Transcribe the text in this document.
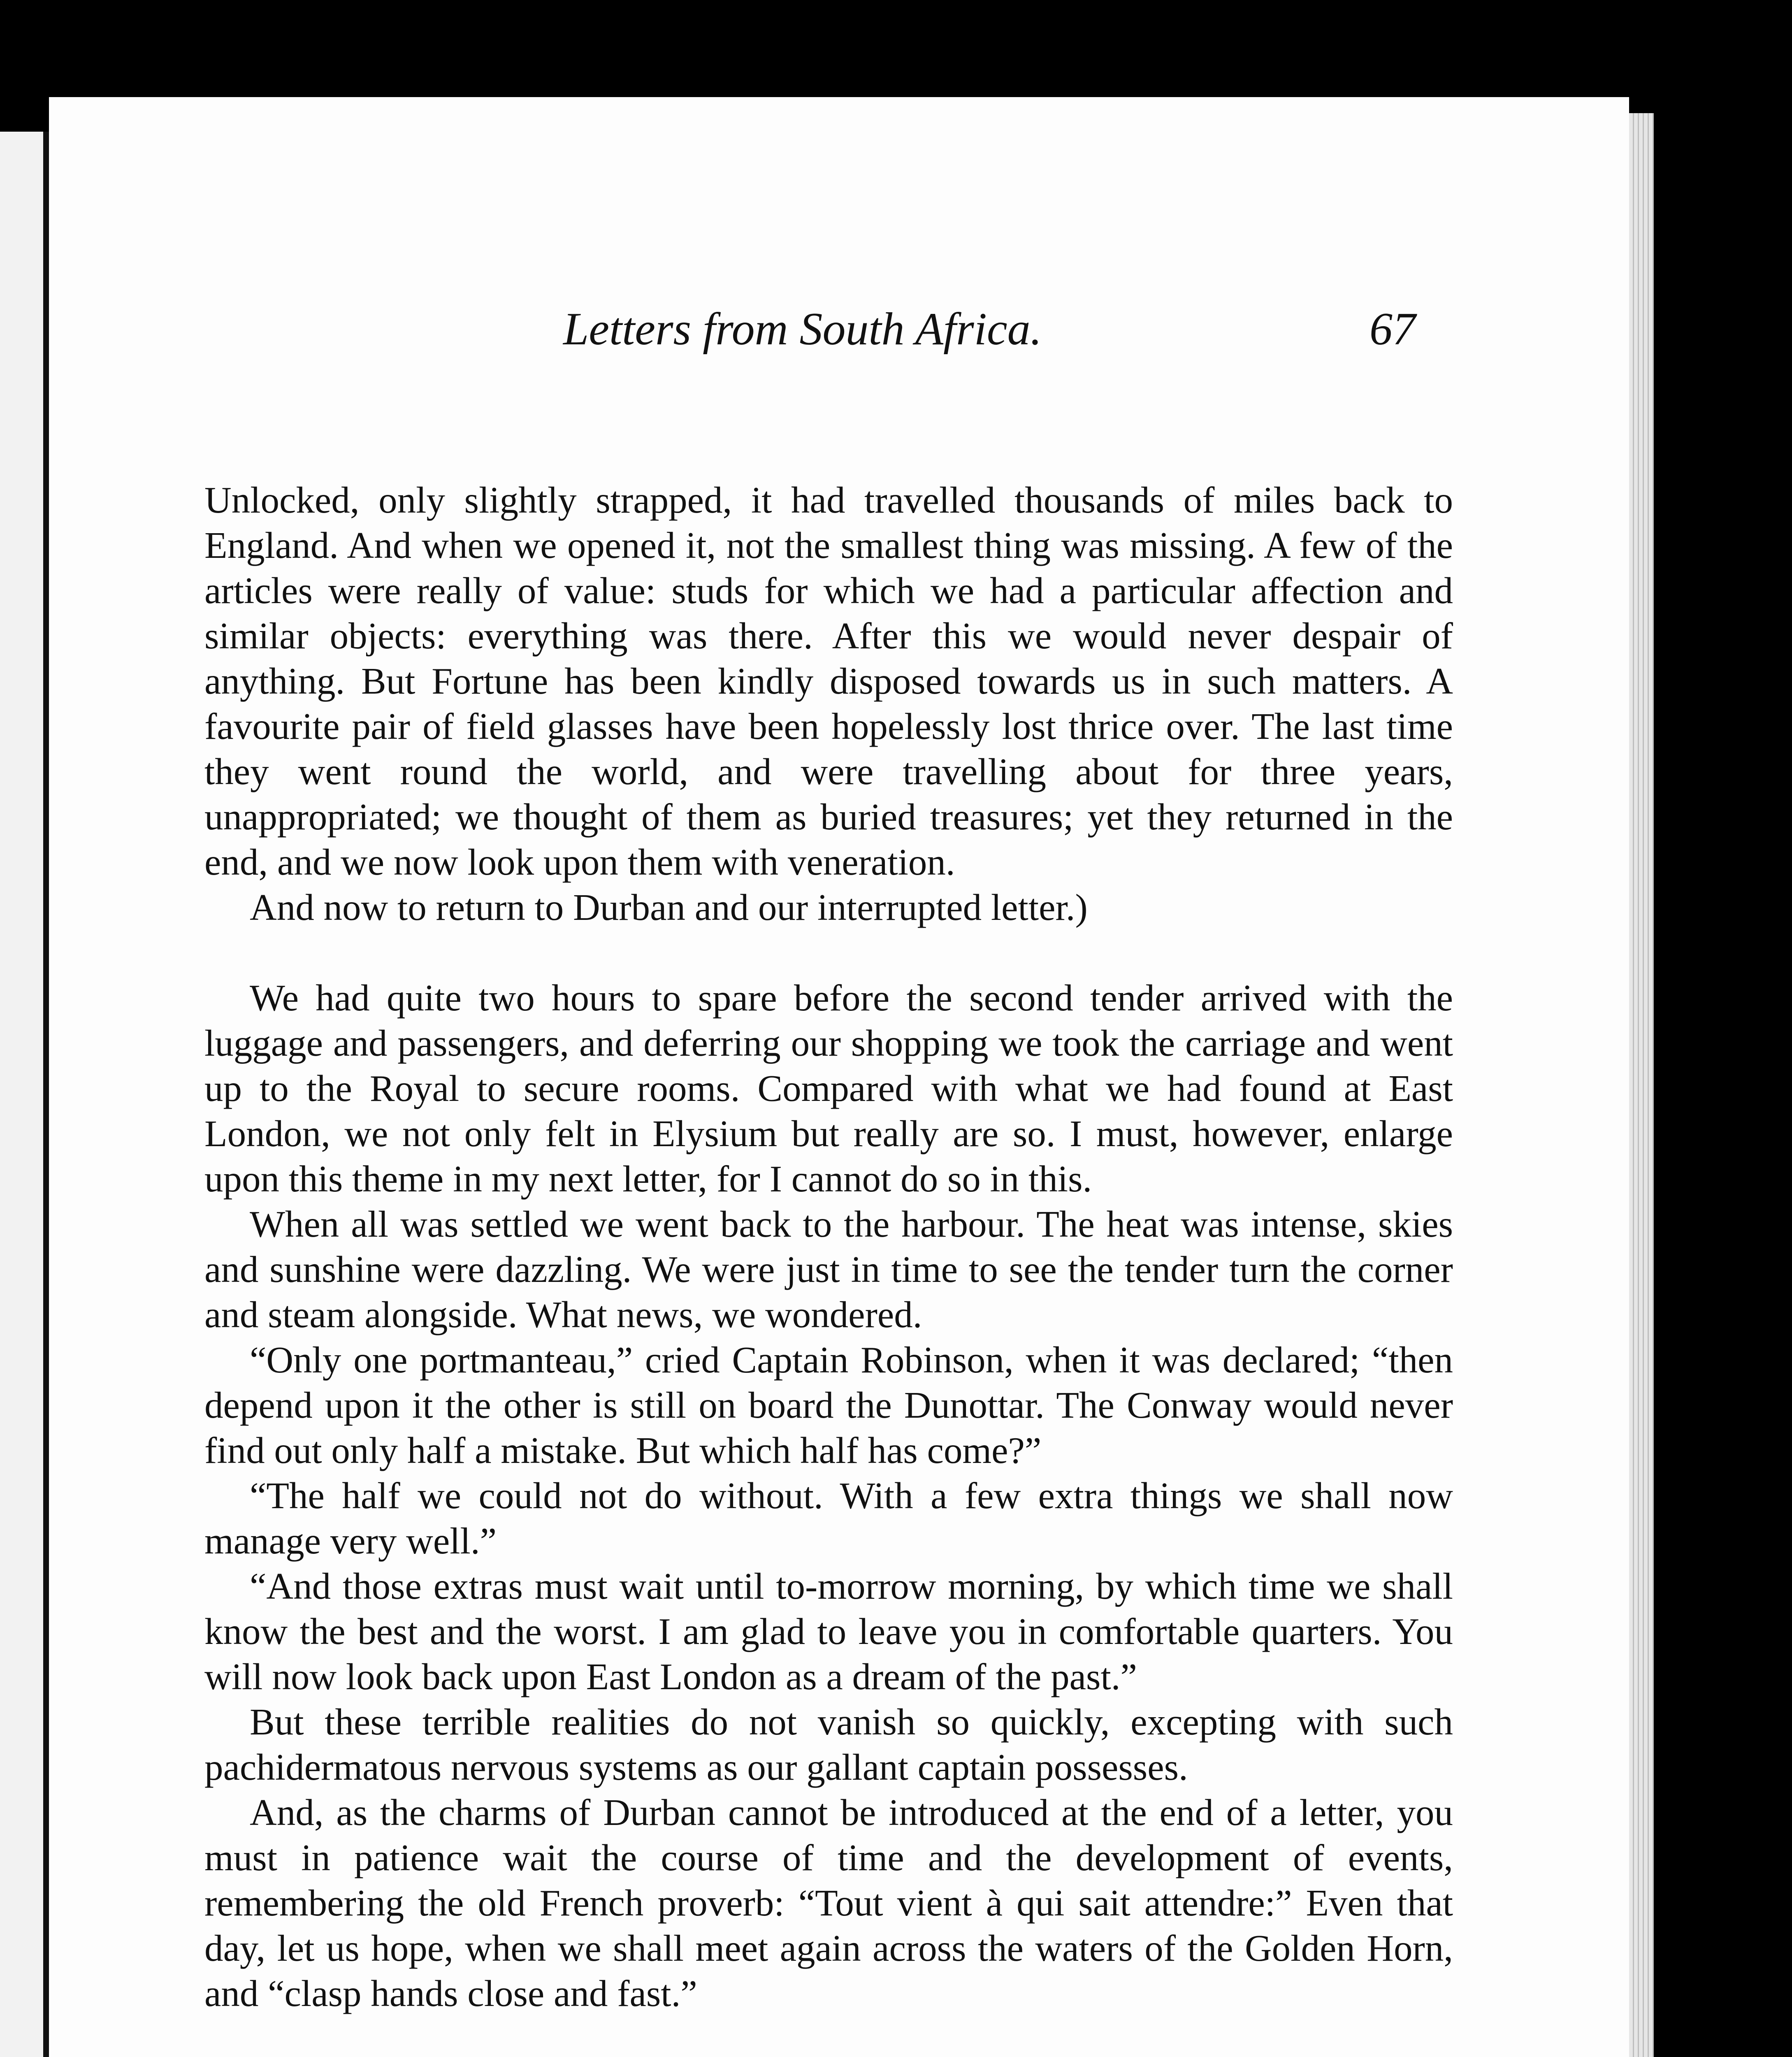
Letters from South Africa.	67

Unlocked, only slightly strapped, it had travelled thousands of miles back to England. And when we opened it, not the smallest thing was missing. A few of the articles were really of value: studs for which we had a particular affection and similar objects: everything was there. After this we would never despair of anything. But Fortune has been kindly disposed towards us in such matters. A favourite pair of field glasses have been hopelessly lost thrice over. The last time they went round the world, and were travelling about for three years, unappropriated; we thought of them as buried treasures; yet they returned in the end, and we now look upon them with veneration.

And now to return to Durban and our interrupted letter.)

We had quite two hours to spare before the second tender arrived with the luggage and passengers, and deferring our shopping we took the carriage and went up to the Royal to secure rooms. Compared with what we had found at East London, we not only felt in Elysium but really are so. I must, however, enlarge upon this theme in my next letter, for I cannot do so in this.

When all was settled we went back to the harbour. The heat was intense, skies and sunshine were dazzling. We were just in time to see the tender turn the corner and steam alongside. What news, we wondered.

“Only one portmanteau,” cried Captain Robinson, when it was declared; “then depend upon it the other is still on board the Dunottar. The Conway would never find out only half a mistake. But which half has come?”

“The half we could not do without. With a few extra things we shall now manage very well.”

“And those extras must wait until to-morrow morning, by which time we shall know the best and the worst. I am glad to leave you in comfortable quarters. You will now look back upon East London as a dream of the past.”

But these terrible realities do not vanish so quickly, excepting with such pachidermatous nervous systems as our gallant captain possesses.

And, as the charms of Durban cannot be introduced at the end of a letter, you must in patience wait the course of time and the development of events, remembering the old French proverb: “Tout vient à qui sait attendre:” Even that day, let us hope, when we shall meet again across the waters of the Golden Horn, and “clasp hands close and fast.”
